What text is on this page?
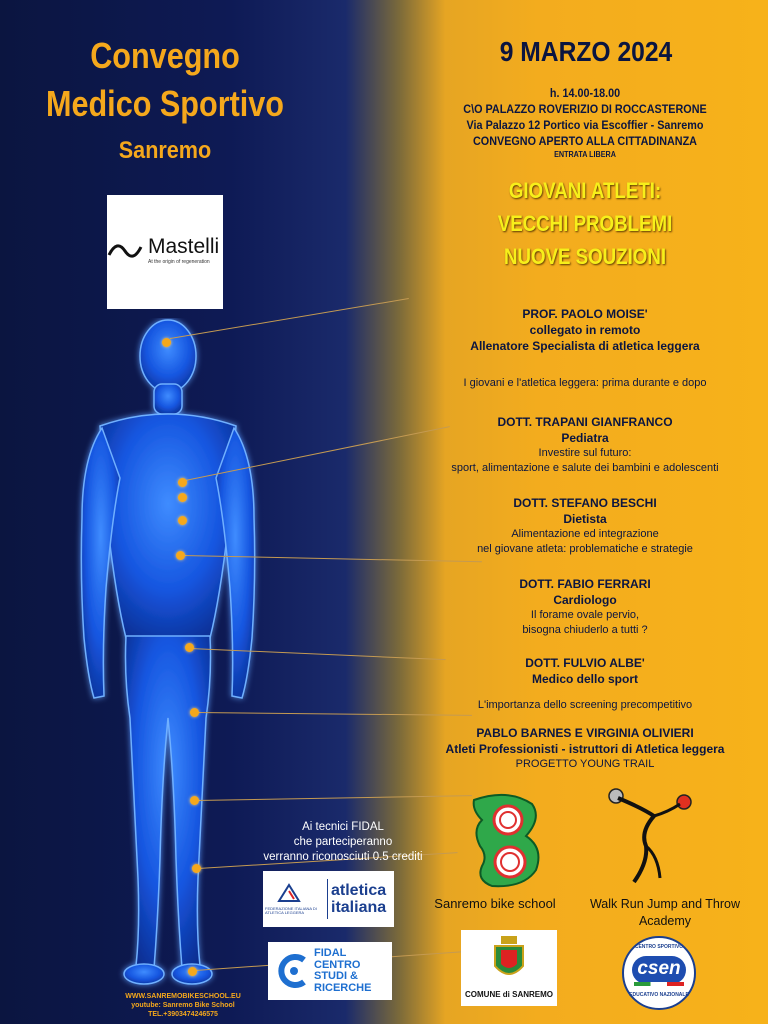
Convegno
Medico Sportivo
Sanremo
Mastelli
At the origin of regeneration
9 MARZO 2024
h. 14.00-18.00
C\O PALAZZO ROVERIZIO DI ROCCASTERONE
Via Palazzo 12 Portico via Escoffier - Sanremo
CONVEGNO APERTO ALLA CITTADINANZA
ENTRATA LIBERA
GIOVANI ATLETI:
VECCHI PROBLEMI
NUOVE SOUZIONI
PROF. PAOLO MOISE'
collegato in remoto
Allenatore Specialista di atletica leggera
I giovani e l'atletica leggera: prima durante e dopo
DOTT. TRAPANI GIANFRANCO
Pediatra
Investire sul futuro:
sport, alimentazione e salute dei bambini e adolescenti
DOTT. STEFANO BESCHI
Dietista
Alimentazione ed integrazione
nel giovane atleta: problematiche e strategie
DOTT. FABIO FERRARI
Cardiologo
Il forame ovale pervio,
bisogna chiuderlo a tutti ?
DOTT. FULVIO ALBE'
Medico dello sport
L'importanza dello screening precompetitivo
PABLO BARNES E VIRGINIA OLIVIERI
Atleti Professionisti - istruttori di Atletica leggera
PROGETTO YOUNG TRAIL
Ai tecnici FIDAL
che parteciperanno
verranno riconosciuti 0.5 crediti
Sanremo bike school	Walk Run Jump and Throw
Academy
FEDERAZIONE ITALIANA DI ATLETICA LEGGERA
atletica
italiana
FIDAL
CENTRO
STUDI &
RICERCHE
COMUNE di SANREMO
CENTRO SPORTIVO
csen
EDUCATIVO NAZIONALE
WWW.SANREMOBIKESCHOOL.EU
youtube: Sanremo Bike School
TEL.+3903474246575
